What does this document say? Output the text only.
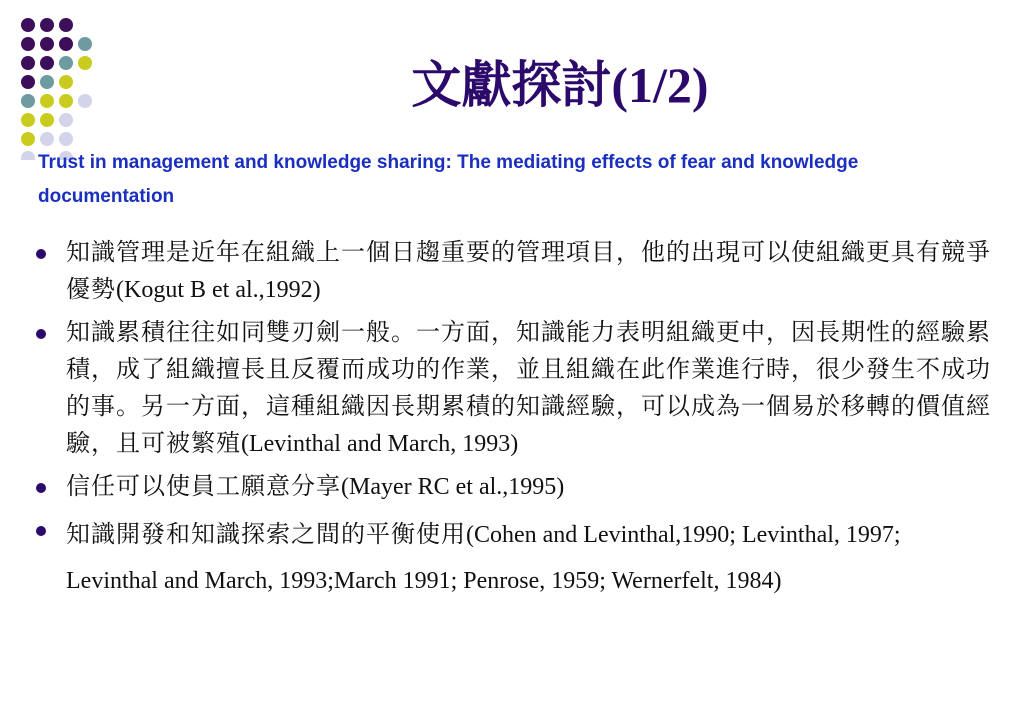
文獻探討(1/2)
Trust in management and knowledge sharing: The mediating effects of fear and knowledge documentation
知識管理是近年在組織上一個日趨重要的管理項目，他的出現可以使組織更具有競爭優勢(Kogut B et al.,1992)
知識累積往往如同雙刃劍一般。一方面，知識能力表明組織更中，因長期性的經驗累積，成了組織擅長且反覆而成功的作業，並且組織在此作業進行時，很少發生不成功的事。另一方面，這種組織因長期累積的知識經驗，可以成為一個易於移轉的價值經驗，且可被繁殖(Levinthal and March, 1993)
信任可以使員工願意分享(Mayer RC et al.,1995)
知識開發和知識探索之間的平衡使用(Cohen and Levinthal,1990; Levinthal, 1997; Levinthal and March, 1993;March 1991; Penrose, 1959; Wernerfelt, 1984)
